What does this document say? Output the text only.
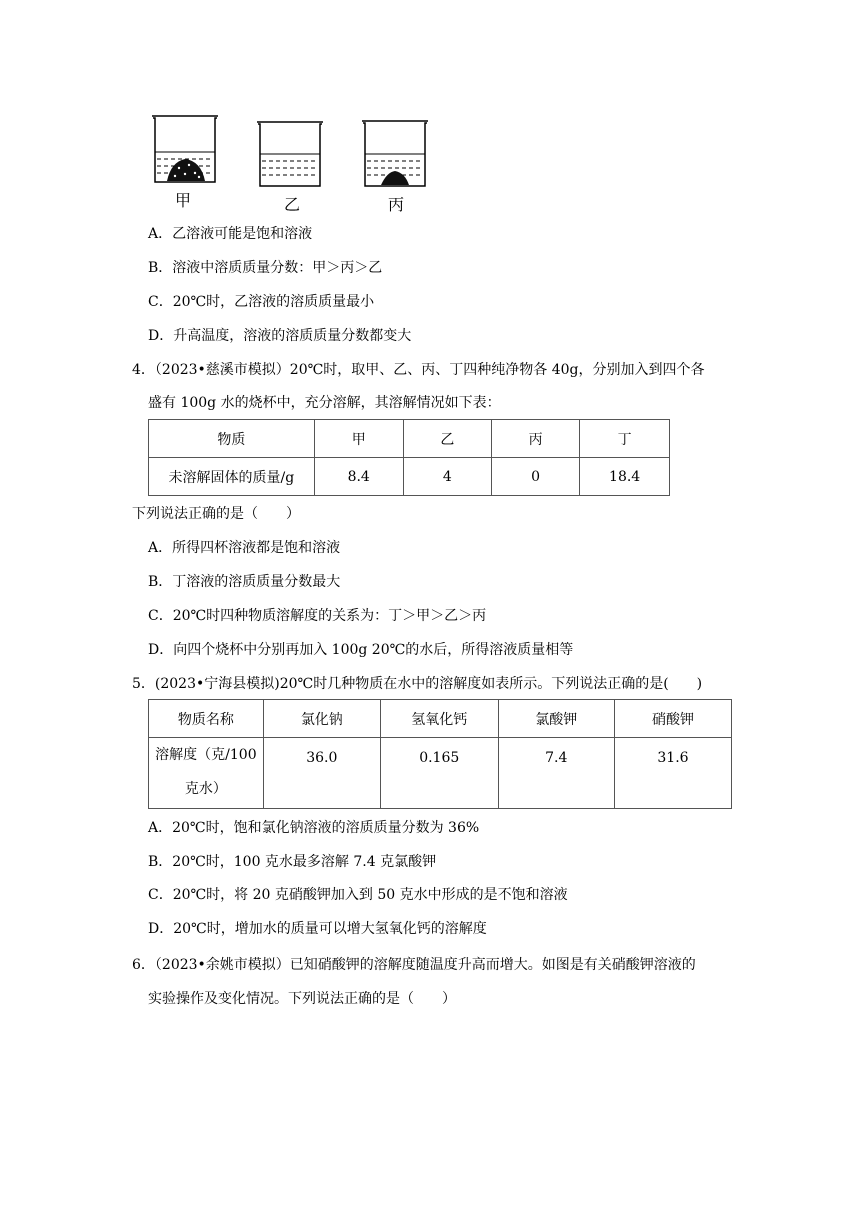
甲	乙	丙
A．乙溶液可能是饱和溶液
B．溶液中溶质质量分数：甲＞丙＞乙
C．20℃时，乙溶液的溶质质量最小
D．升高温度，溶液的溶质质量分数都变大
4．（2023•慈溪市模拟）20℃时，取甲、乙、丙、丁四种纯净物各 40g，分别加入到四个各
盛有 100g 水的烧杯中，充分溶解，其溶解情况如下表：
物质	甲	乙	丙	丁
未溶解固体的质量/g	8.4	4	0	18.4
下列说法正确的是（　　）
A．所得四杯溶液都是饱和溶液
B．丁溶液的溶质质量分数最大
C．20℃时四种物质溶解度的关系为：丁＞甲＞乙＞丙
D．向四个烧杯中分别再加入 100g 20℃的水后，所得溶液质量相等
5．(2023•宁海县模拟)20℃时几种物质在水中的溶解度如表所示。下列说法正确的是(　　)
物质名称	氯化钠	氢氧化钙	氯酸钾	硝酸钾
溶解度（克/100
克水）	36.0	0.165	7.4	31.6
A．20℃时，饱和氯化钠溶液的溶质质量分数为 36%
B．20℃时，100 克水最多溶解 7.4 克氯酸钾
C．20℃时，将 20 克硝酸钾加入到 50 克水中形成的是不饱和溶液
D．20℃时，增加水的质量可以增大氢氧化钙的溶解度
6．（2023•余姚市模拟）已知硝酸钾的溶解度随温度升高而增大。如图是有关硝酸钾溶液的
实验操作及变化情况。下列说法正确的是（　　）
